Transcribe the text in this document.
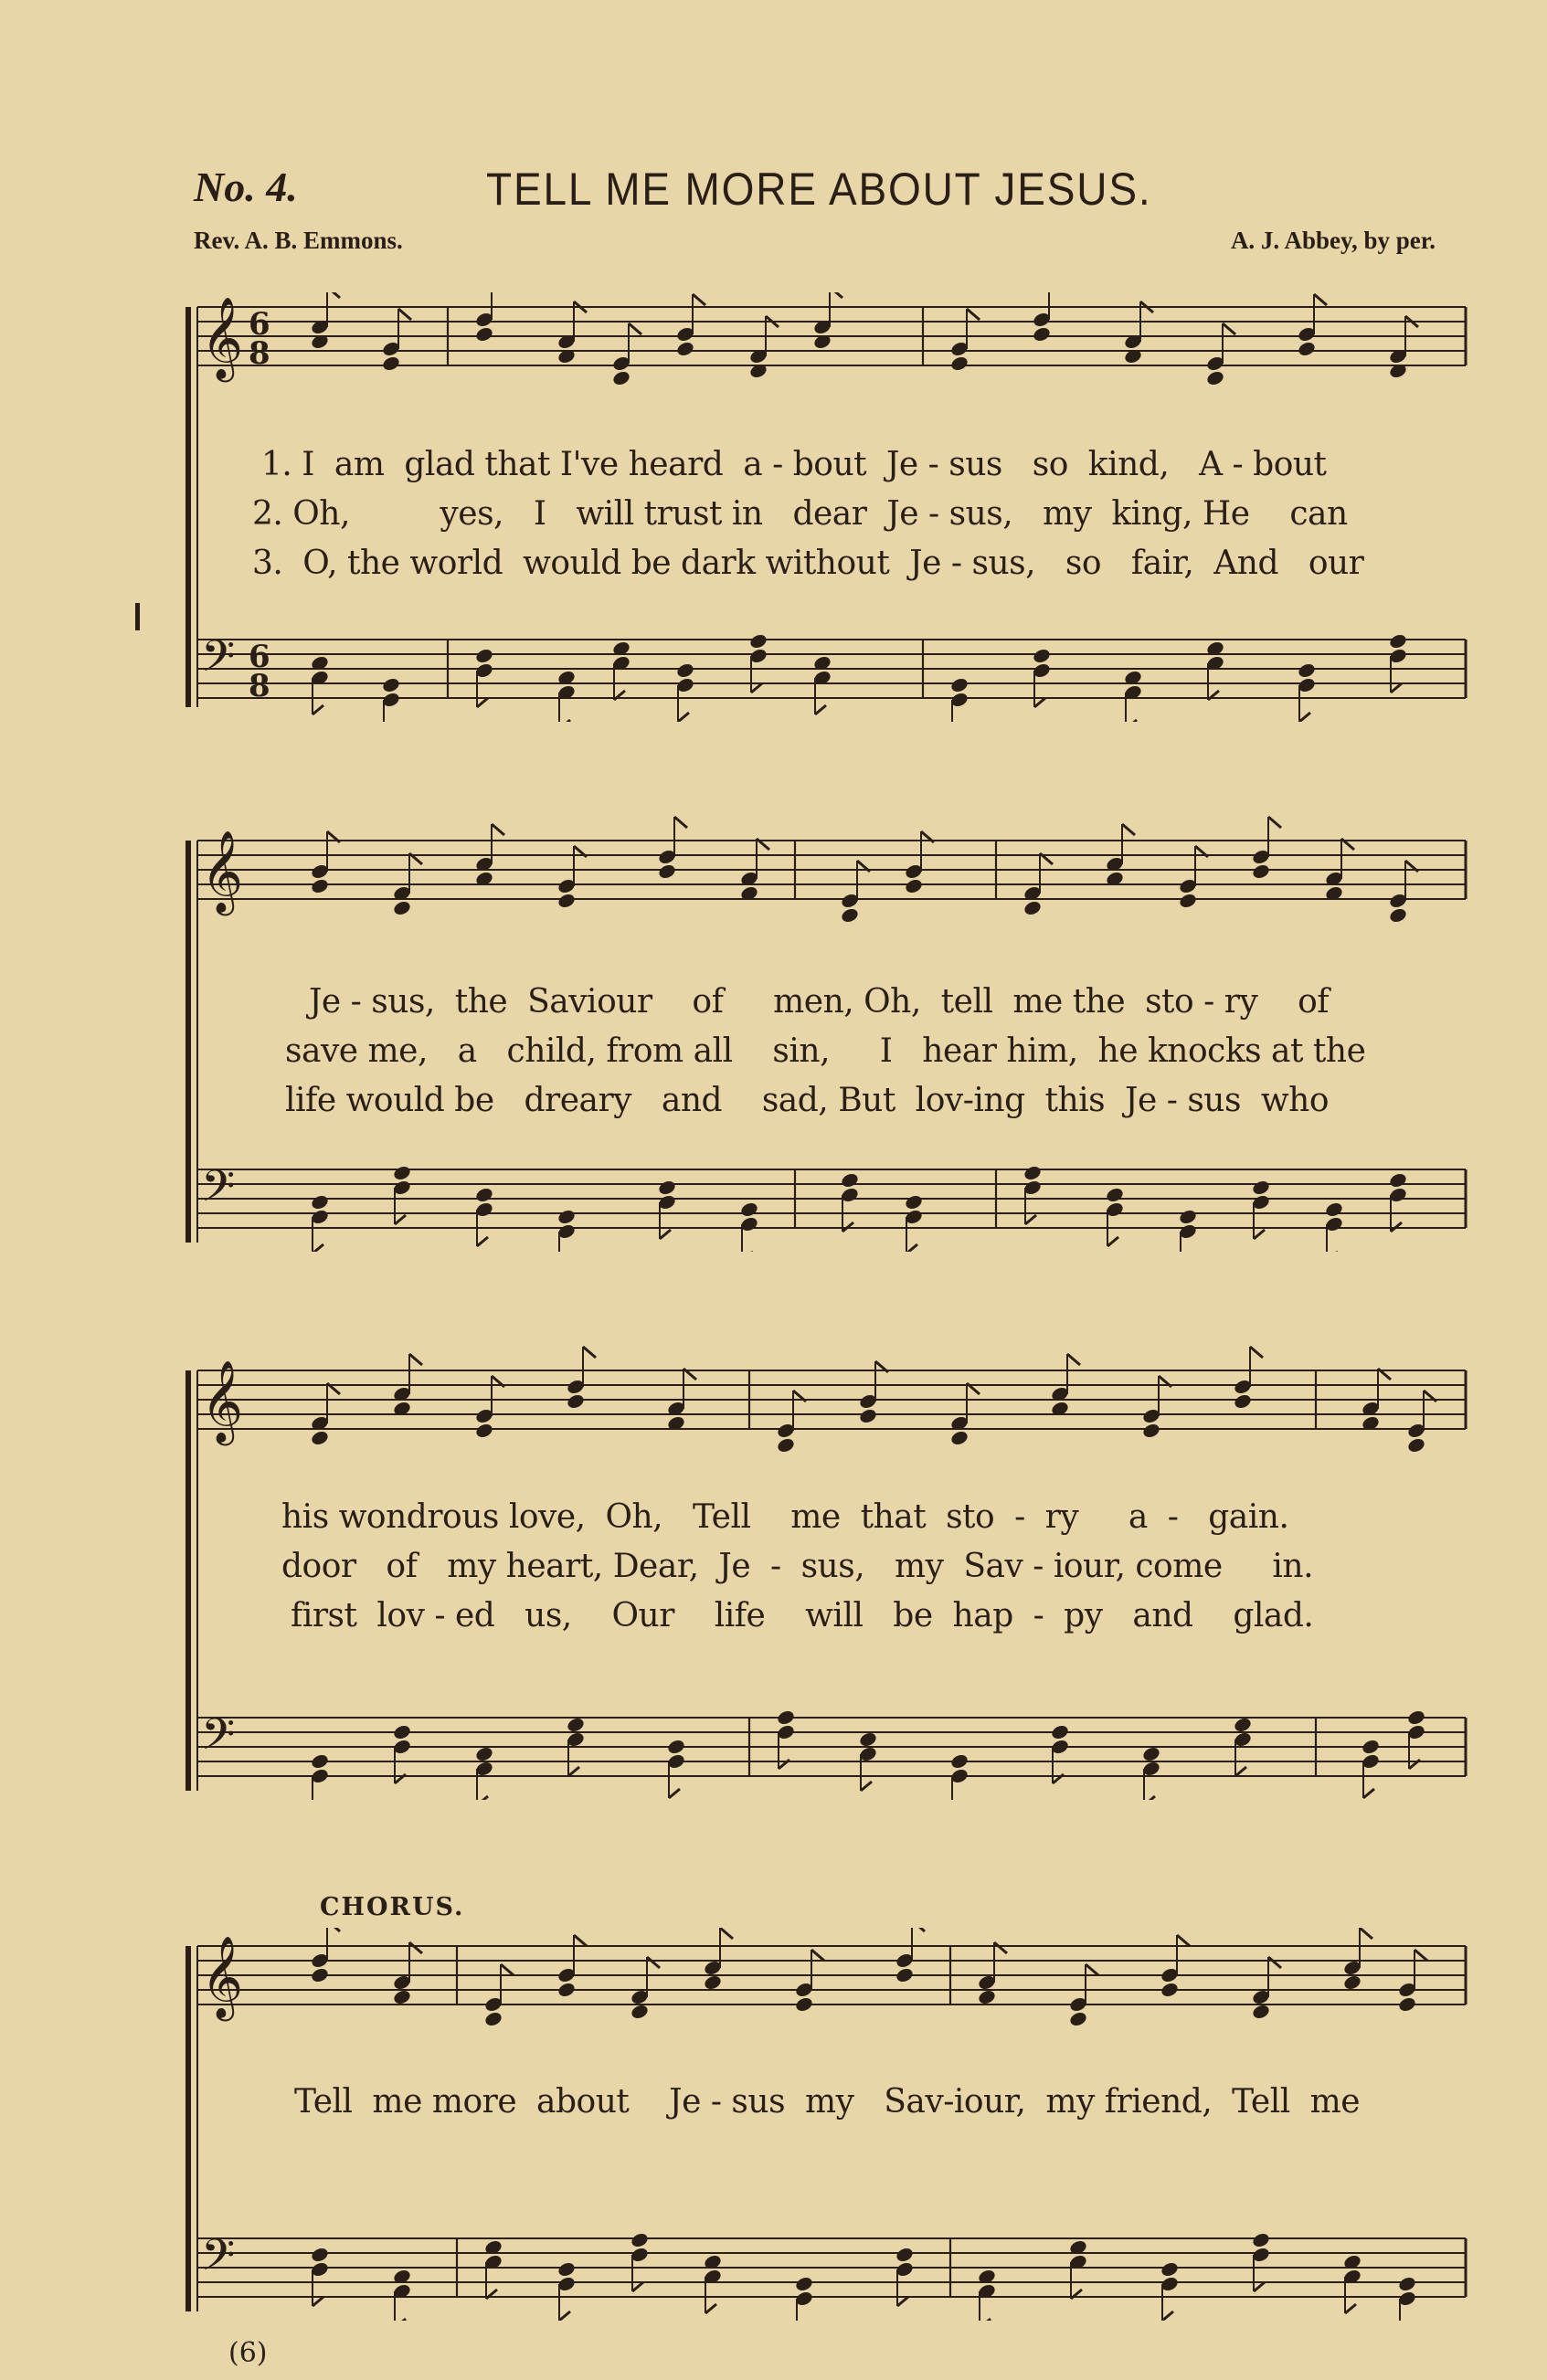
No. 4.	TELL ME MORE ABOUT JESUS.
Rev. A. B. Emmons.	A. J. Abbey, by per.
𝄞 6
8
𝄢 6
8
1. I  am  glad that I've heard  a - bout  Je - sus   so  kind,   A - bout
2. Oh,         yes,   I   will trust in   dear  Je - sus,   my  king, He    can
3.  O, the world  would be dark without  Je - sus,   so   fair,  And   our
𝄞
𝄢
Je - sus,  the  Saviour    of     men, Oh,  tell  me the  sto - ry    of
save me,   a   child, from all    sin,     I   hear him,  he knocks at the
life would be   dreary   and    sad, But  lov-ing  this  Je - sus  who
𝄞
𝄢
his wondrous love,  Oh,   Tell    me  that  sto  -  ry     a  -   gain.
door   of   my heart, Dear,  Je  -  sus,   my  Sav - iour, come     in.
first  lov - ed   us,    Our    life    will   be  hap  -  py   and    glad.
CHORUS.
𝄞
𝄢
Tell  me more  about    Je - sus  my   Sav-iour,  my friend,  Tell  me
(6)
